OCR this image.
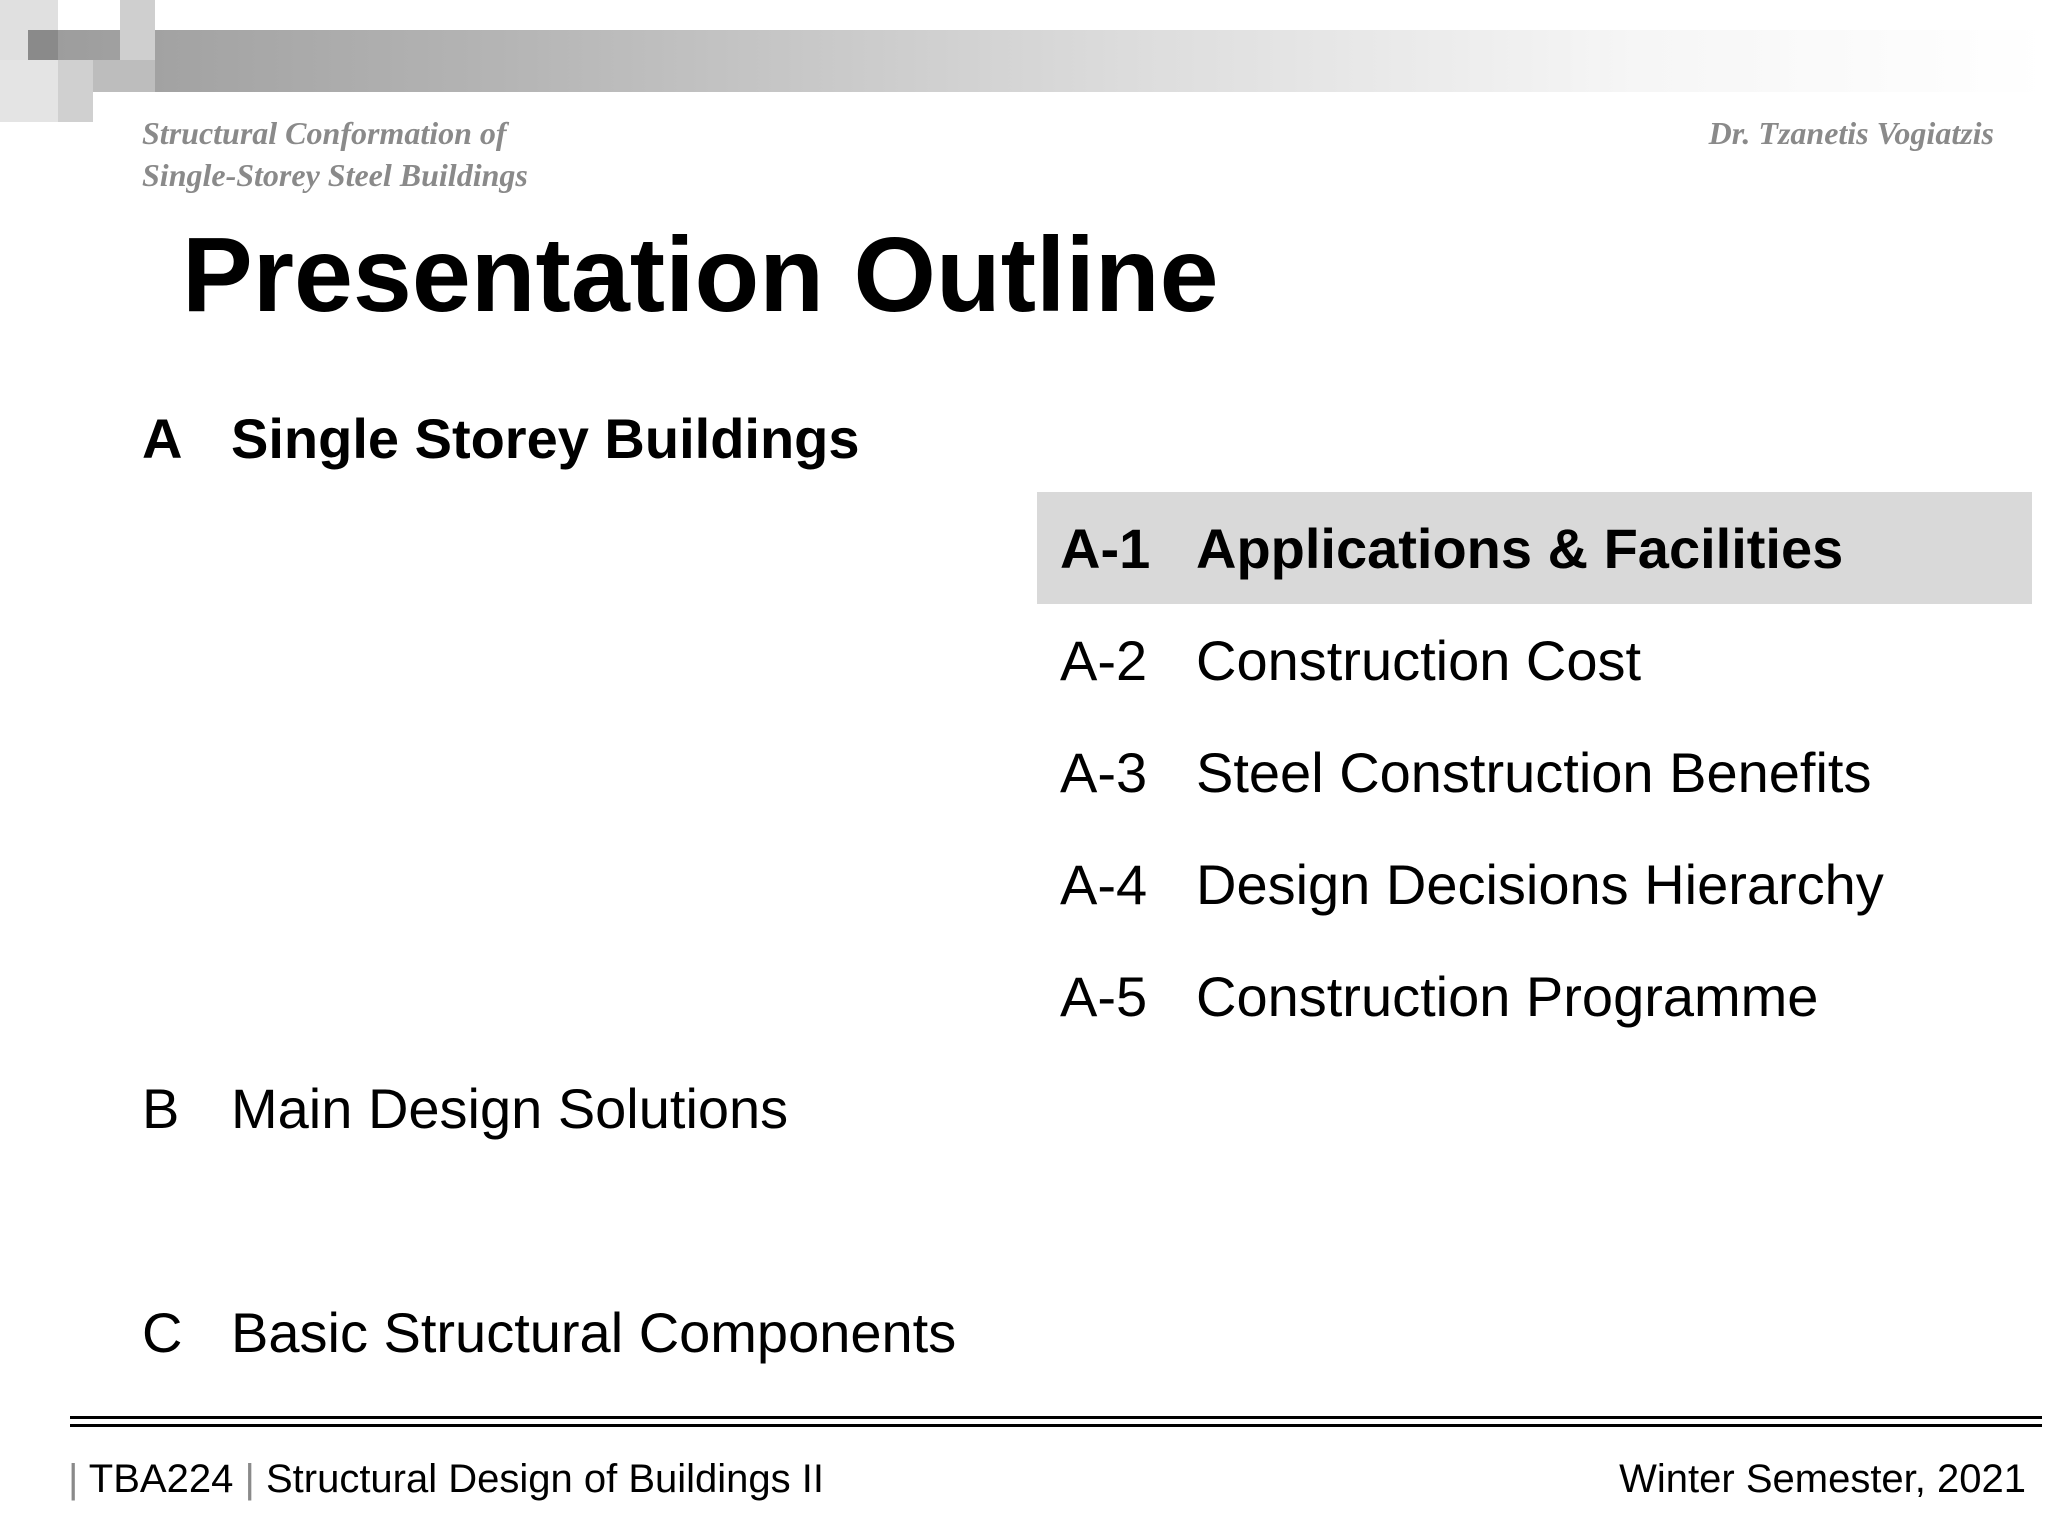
Structural Conformation of
Single-Storey Steel Buildings
Dr. Tzanetis Vogiatzis
Presentation Outline
A Single Storey Buildings
A-1 Applications & Facilities
A-2 Construction Cost
A-3 Steel Construction Benefits
A-4 Design Decisions Hierarchy
A-5 Construction Programme
B Main Design Solutions
C Basic Structural Components
| TBA224 | Structural Design of Buildings II	Winter Semester, 2021
